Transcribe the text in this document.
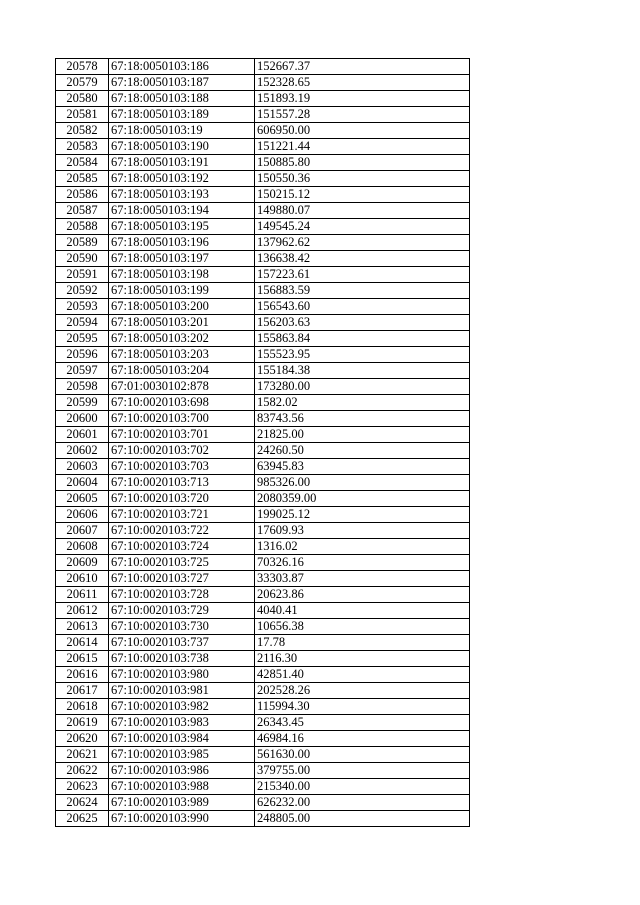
20578	67:18:0050103:186	152667.37
20579	67:18:0050103:187	152328.65
20580	67:18:0050103:188	151893.19
20581	67:18:0050103:189	151557.28
20582	67:18:0050103:19	606950.00
20583	67:18:0050103:190	151221.44
20584	67:18:0050103:191	150885.80
20585	67:18:0050103:192	150550.36
20586	67:18:0050103:193	150215.12
20587	67:18:0050103:194	149880.07
20588	67:18:0050103:195	149545.24
20589	67:18:0050103:196	137962.62
20590	67:18:0050103:197	136638.42
20591	67:18:0050103:198	157223.61
20592	67:18:0050103:199	156883.59
20593	67:18:0050103:200	156543.60
20594	67:18:0050103:201	156203.63
20595	67:18:0050103:202	155863.84
20596	67:18:0050103:203	155523.95
20597	67:18:0050103:204	155184.38
20598	67:01:0030102:878	173280.00
20599	67:10:0020103:698	1582.02
20600	67:10:0020103:700	83743.56
20601	67:10:0020103:701	21825.00
20602	67:10:0020103:702	24260.50
20603	67:10:0020103:703	63945.83
20604	67:10:0020103:713	985326.00
20605	67:10:0020103:720	2080359.00
20606	67:10:0020103:721	199025.12
20607	67:10:0020103:722	17609.93
20608	67:10:0020103:724	1316.02
20609	67:10:0020103:725	70326.16
20610	67:10:0020103:727	33303.87
20611	67:10:0020103:728	20623.86
20612	67:10:0020103:729	4040.41
20613	67:10:0020103:730	10656.38
20614	67:10:0020103:737	17.78
20615	67:10:0020103:738	2116.30
20616	67:10:0020103:980	42851.40
20617	67:10:0020103:981	202528.26
20618	67:10:0020103:982	115994.30
20619	67:10:0020103:983	26343.45
20620	67:10:0020103:984	46984.16
20621	67:10:0020103:985	561630.00
20622	67:10:0020103:986	379755.00
20623	67:10:0020103:988	215340.00
20624	67:10:0020103:989	626232.00
20625	67:10:0020103:990	248805.00
